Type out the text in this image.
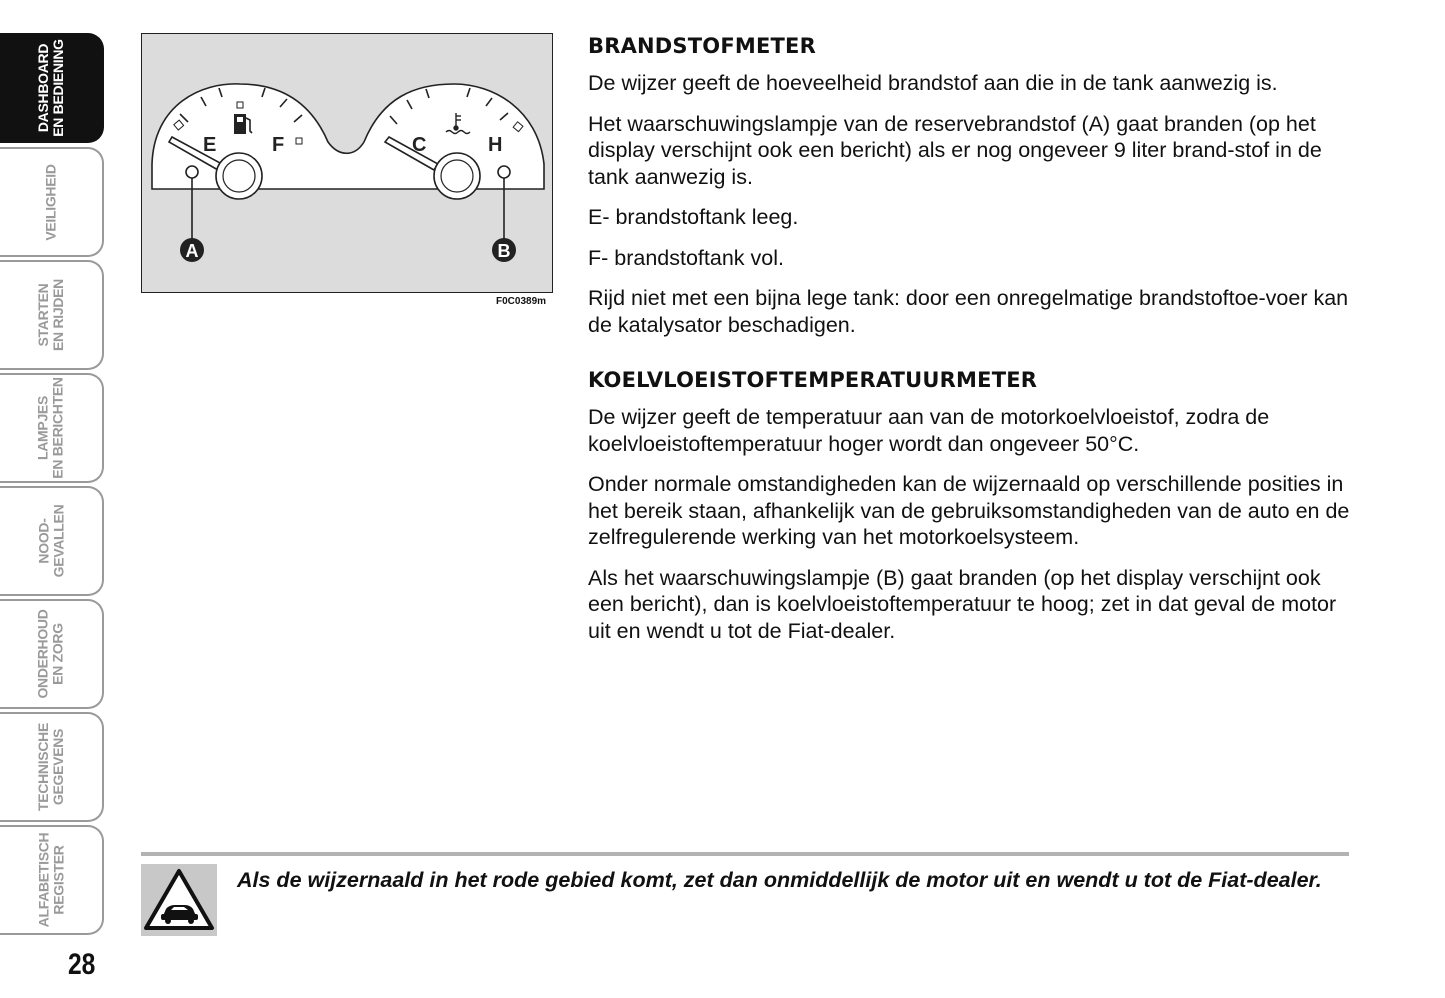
DASHBOARD EN BEDIENING
VEILIGHEID
STARTEN EN RIJDEN
LAMPJES EN BERICHTEN
NOOD- GEVALLEN
ONDERHOUD EN ZORG
TECHNISCHE GEGEVENS
ALFABETISCH REGISTER
28
E	F	C	H
A	B
F0C0389m
BRANDSTOFMETER

De wijzer geeft de hoeveelheid brandstof aan die in de tank aanwezig is.

Het waarschuwingslampje van de reservebrandstof (A) gaat branden (op het display verschijnt ook een bericht) als er nog ongeveer 9 liter brand-stof in de tank aanwezig is.

E- brandstoftank leeg.

F- brandstoftank vol.

Rijd niet met een bijna lege tank: door een onregelmatige brandstoftoe-voer kan de katalysator beschadigen.

KOELVLOEISTOFTEMPERATUURMETER

De wijzer geeft de temperatuur aan van de motorkoelvloeistof, zodra de koelvloeistoftemperatuur hoger wordt dan ongeveer 50°C.

Onder normale omstandigheden kan de wijzernaald op verschillende posities in het bereik staan, afhankelijk van de gebruiksomstandigheden van de auto en de zelfregulerende werking van het motorkoelsysteem.

Als het waarschuwingslampje (B) gaat branden (op het display verschijnt ook een bericht), dan is koelvloeistoftemperatuur te hoog; zet in dat geval de motor uit en wendt u tot de Fiat-dealer.

Als de wijzernaald in het rode gebied komt, zet dan onmiddellijk de motor uit en wendt u tot de Fiat-dealer.
